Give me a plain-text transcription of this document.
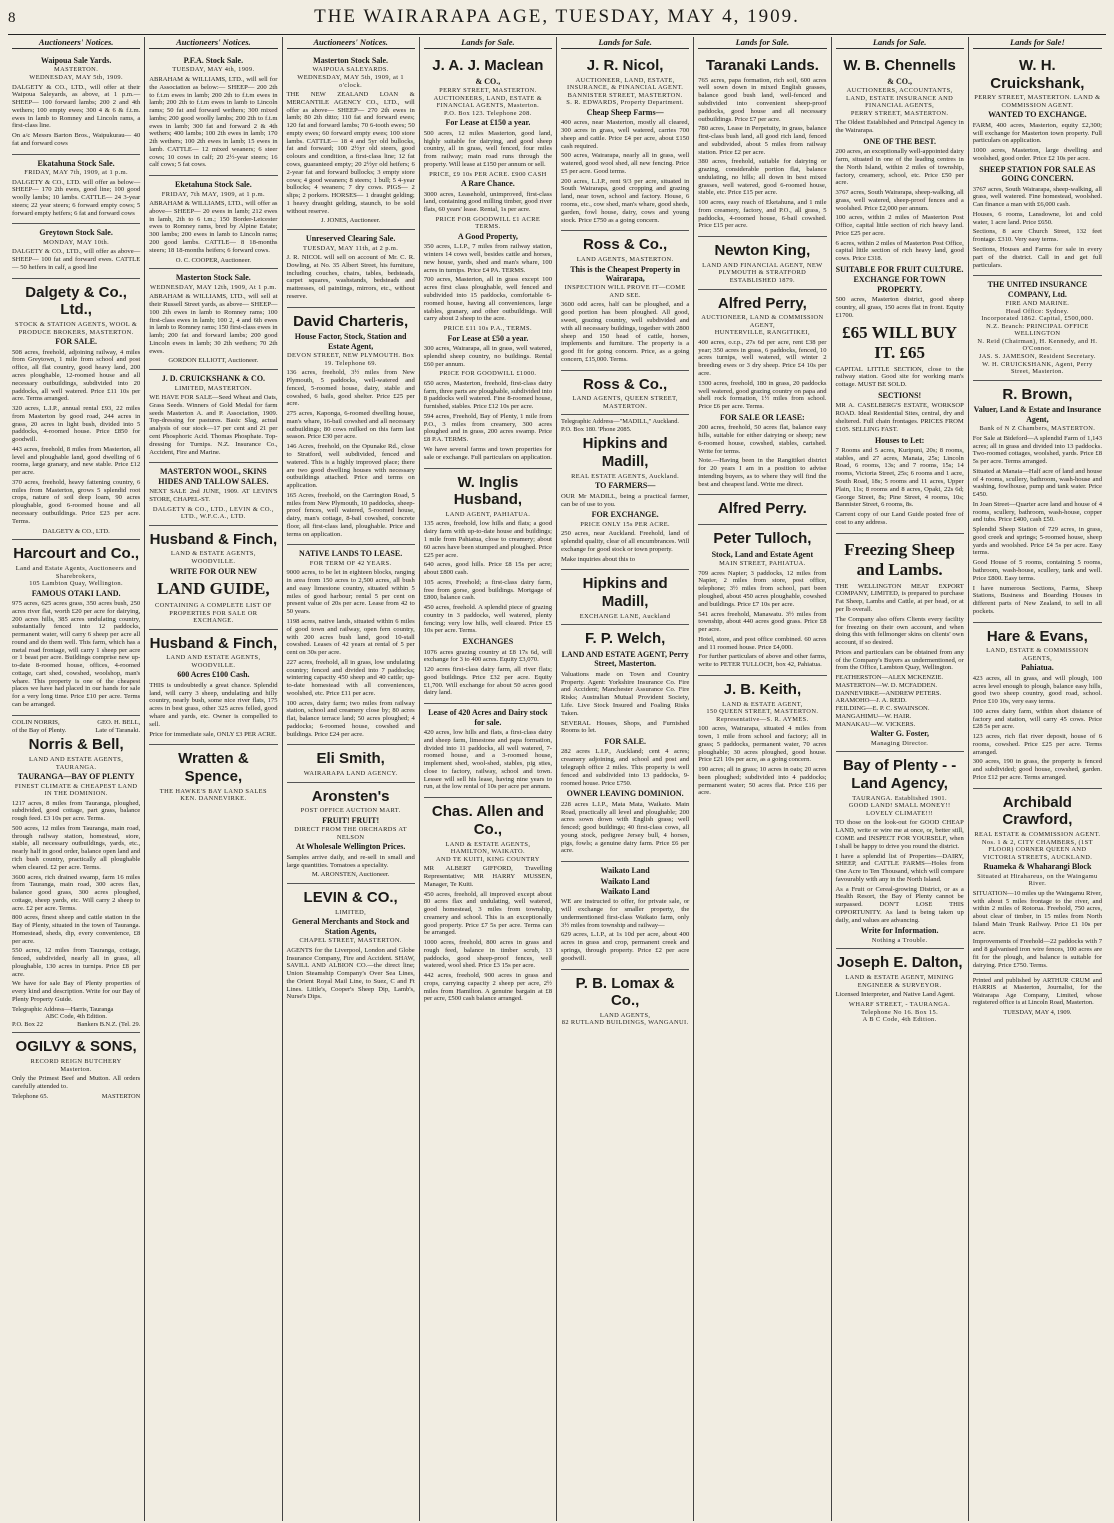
8	THE WAIRARAPA AGE, TUESDAY, MAY 4, 1909.
Auctioneers' Notices.
Waipoua Sale Yards.
MASTERTON.
WEDNESDAY, MAY 5th, 1909.
DALGETY & CO., LTD., will offer at their Waipoua Saleyards, as above, at 1 p.m.— SHEEP— 100 forward lambs; 200 2 and 4th wethers; 100 empty ewes; 300 4 & 6 & f.t.m. ewes in lamb to Romney and Lincoln rams, a first-class line.
On a/c Messrs Barton Bros., Waipukurau— 40 fat and forward cows
Ekatahuna Stock Sale.
FRIDAY, MAY 7th, 1909, at 1 p.m.
DALGETY & CO., LTD. will offer as below— SHEEP— 170 2th ewes, good line; 100 good woolly lambs; 10 lambs. CATTLE— 24 3-year steers; 22 year steers; 6 forward empty cows; 5 forward empty heifers; 6 fat and forward cows
Greytown Stock Sale.
MONDAY, MAY 10th.
DALGETY & CO., LTD., will offer as above— SHEEP— 100 fat and forward ewes. CATTLE— 50 heifers in calf, a good line
Dalgety & Co., Ltd.,
STOCK & STATION AGENTS, WOOL & PRODUCE BROKERS, MASTERTON.
FOR SALE.
508 acres, freehold, adjoining railway, 4 miles from Greytown, 1 mile from school and post office, all flat country, good heavy land, 200 acres ploughable, 12-roomed house and all necessary outbuildings, subdivided into 20 paddocks, all well watered. Price £11 10s per acre. Terms arranged.
320 acres, L.I.P., annual rental £93, 22 miles from Masterton by good road, 244 acres in grass, 20 acres in light bush, divided into 5 paddocks, 4-roomed house. Price £850 for goodwill.
443 acres, freehold, 8 miles from Masterton, all level and ploughable land, good dwelling of 6 rooms, large granary, and new stable. Price £12 per acre.
370 acres, freehold, heavy fattening country, 6 miles from Masterton, grows 5 splendid root crops, nature of soil deep loam, 90 acres ploughable, good 6-roomed house and all necessary outbuildings. Price £23 per acre. Terms.
DALGETY & CO., LTD.
Harcourt and Co.,
Land and Estate Agents, Auctioneers and Sharebrokers,
105 Lambton Quay, Wellington.
FAMOUS OTAKI LAND.
975 acres, 625 acres grass, 350 acres bush, 250 acres river flat, worth £20 per acre for dairying, 200 acres hills, 385 acres undulating country, substantially fenced into 12 paddocks, permanent water, will carry 6 sheep per acre all round and do them well. This farm, which has a metal road frontage, will carry 1 sheep per acre or 1 beast per acre. Buildings comprise new up-to-date 8-roomed house, offices, 4-roomed cottage, cart shed, cowshed, woolshop, man's whare. This property is one of the cheapest places we have had placed in our hands for sale for a very long time. Price £10 per acre. Terms can be arranged.
COLIN NORRIS,	GEO. H. BELL,
of the Bay of Plenty.	Late of Taranaki.
Norris & Bell,
LAND AND ESTATE AGENTS, TAURANGA.
TAURANGA—BAY OF PLENTY
FINEST CLIMATE & CHEAPEST LAND IN THE DOMINION.
1217 acres, 8 miles from Tauranga, ploughed, subdivided, good cottage, part grass, balance rough feed. £3 10s per acre. Terms.
500 acres, 12 miles from Tauranga, main road, through railway station, homestead, store, stable, all necessary outbuildings, yards, etc., nearly half in good order, balance open land and rich bush country, practically all ploughable when cleared. £2 per acre. Terms.
3600 acres, rich drained swamp, farm 16 miles from Tauranga, main road, 300 acres flax, balance good grass, 300 acres ploughed, cottage, sheep yards, etc. Will carry 2 sheep to acre. £2 per acre. Terms.
800 acres, finest sheep and cattle station in the Bay of Plenty, situated in the town of Tauranga. Homestead, sheds, dip, every convenience, £8 per acre.
550 acres, 12 miles from Tauranga, cottage, fenced, subdivided, nearly all in grass, all ploughable, 130 acres in turnips. Price £8 per acre.
We have for sale Bay of Plenty properties of every kind and description. Write for our Bay of Plenty Property Guide.
Telegraphic Address—Harris, Tauranga
ABC Code, 4th Edition.
P.O. Box 22	Bankers B.N.Z. (Tel. 29.
OGILVY & SONS,
RECORD REIGN BUTCHERY
Masterton.
Only the Primest Beef and Mutton. All orders carefully attended to.
Telephone 65.	MASTERTON
Auctioneers' Notices.
P.F.A. Stock Sale.
TUESDAY, MAY 4th, 1909.
ABRAHAM & WILLIAMS, LTD., will sell for the Association as below:— SHEEP— 200 2th to f.t.m ewes in lamb; 200 2th to f.t.m ewes in lamb; 200 2th to f.t.m ewes in lamb to Lincoln rams; 50 fat and forward wethers; 300 mixed lambs; 200 good woolly lambs; 200 2th to f.t.m ewes in lamb; 300 fat and forward 2 & 4th wethers; 400 lambs; 100 2th ewes in lamb; 170 2th wethers; 100 2th ewes in lamb; 15 ewes in lamb. CATTLE— 12 mixed weaners; 6 steer cows; 10 cows in calf; 20 2½-year steers; 16 calf cows; 5 fat cows.
Eketahuna Stock Sale.
FRIDAY, 7th MAY, 1909, at 1 p.m.
ABRAHAM & WILLIAMS, LTD., will offer as above— SHEEP— 20 ewes in lamb; 212 ewes in lamb, 2th to 6 t.m.; 150 Border-Leicester ewes to Romney rams, bred by Alpine Estate; 300 lambs; 200 ewes in lamb to Lincoln rams; 200 good lambs. CATTLE— 8 18-months steers; 18 18-months heifers; 6 forward cows.
O. C. COOPER, Auctioneer.
Masterton Stock Sale.
WEDNESDAY, MAY 12th, 1909, At 1 p.m.
ABRAHAM & WILLIAMS, LTD., will sell at their Russell Street yards, as above— SHEEP— 100 2th ewes in lamb to Romney rams; 100 first-class ewes in lamb; 100 2, 4 and 6th ewes in lamb to Romney rams; 150 first-class ewes in lamb; 200 fat and forward lambs; 200 good Lincoln ewes in lamb; 30 2th wethers; 70 2th ewes.
GORDON ELLIOTT, Auctioneer.
J. D. CRUICKSHANK & CO.
LIMITED, MASTERTON.
WE HAVE FOR SALE—Seed Wheat and Oats, Grass Seeds. Winners of Gold Medal for farm seeds Masterton A. and P. Association, 1909. Top-dressing for pastures. Basic Slag, actual analysis of our stock—17 per cent and 21 per cent Phosphoric Acid. Thomas Phosphate. Top-dressing for Turnips. N.Z. Insurance Co., Accident, Fire and Marine.
MASTERTON WOOL, SKINS HIDES AND TALLOW SALES.
NEXT SALE 2nd JUNE, 1909. AT LEVIN'S STORE, CHAPEL-ST.
DALGETY & CO., LTD., LEVIN & CO., LTD., W.F.C.A., LTD.
Husband & Finch,
LAND & ESTATE AGENTS, WOODVILLE.
WRITE FOR OUR NEW
LAND GUIDE,
CONTAINING A COMPLETE LIST OF PROPERTIES FOR SALE OR EXCHANGE.
Husband & Finch,
LAND AND ESTATE AGENTS, WOODVILLE.
600 Acres £100 Cash.
THIS is undoubtedly a great chance. Splendid land, will carry 3 sheep, undulating and hilly country, nearly bush, some nice river flats, 175 acres in best grass, other 325 acres felled, good whare and yards, etc. Owner is compelled to sell.
Price for immediate sale, ONLY £3 PER ACRE.
Wratten & Spence,
THE HAWKE'S BAY LAND SALES
KEN. DANNEVIRKE.
Auctioneers' Notices.
Masterton Stock Sale.
WAIPOUA SALEYARDS.
WEDNESDAY, MAY 5th, 1909, at 1 o'clock.
THE NEW ZEALAND LOAN & MERCANTILE AGENCY CO., LTD., will offer as above— SHEEP— 270 2th ewes in lamb; 80 2th ditto; 110 fat and forward ewes; 120 fat and forward lambs; 70 6-tooth ewes; 50 empty ewes; 60 forward empty ewes; 100 store lambs. CATTLE— 18 4 and 5yr old bullocks, fat and forward; 100 2½yr old steers, good colours and condition, a first-class line; 12 fat cows, guaranteed empty; 20 2½yr old heifers; 6 2-year fat and forward bullocks; 3 empty store cows; 4 good weaners; 8 steers; 1 bull; 5 4-year bullocks; 4 weaners; 7 dry cows. PIGS— 2 slips; 2 porkers. HORSES— 1 draught gelding; 1 heavy draught gelding, staunch, to be sold without reserve.
J. JONES, Auctioneer.
Unreserved Clearing Sale.
TUESDAY, MAY 11th, at 2 p.m.
J. R. NICOL will sell on account of Mr. C. R. Dowling, at No. 35 Albert Street, his furniture, including couches, chairs, tables, bedsteads, carpet squares, washstands, bedsteads and mattresses, oil paintings, mirrors, etc., without reserve.
David Charteris,
House Factor, Stock, Station and Estate Agent,
DEVON STREET, NEW PLYMOUTH. Box 19. Telephone 69.
136 acres, freehold, 3½ miles from New Plymouth, 5 paddocks, well-watered and fenced, 5-roomed house, dairy, stable and cowshed, 6 bails, good shelter. Price £25 per acre.
275 acres, Kaponga, 6-roomed dwelling house, man's whare, 16-bail cowshed and all necessary outbuildings; 80 cows milked on this farm last season. Price £30 per acre.
146 Acres, freehold, on the Opunake Rd., close to Stratford, well subdivided, fenced and watered. This is a highly improved place; there are two good dwelling houses with necessary outbuildings attached. Price and terms on application.
165 Acres, freehold, on the Carrington Road, 5 miles from New Plymouth, 10 paddocks, sheep-proof fences, well watered, 5-roomed house, dairy, man's cottage, 8-bail cowshed, concrete floor, all first-class land, ploughable. Price and terms on application.
NATIVE LANDS TO LEASE.
FOR TERM OF 42 YEARS.
9000 acres, to be let in eighteen blocks, ranging in area from 150 acres to 2,500 acres, all bush and easy limestone country, situated within 5 miles of good harbour; rental 5 per cent on present value of 20s per acre. Lease from 42 to 50 years.
1198 acres, native lands, situated within 6 miles of good town and railway, open fern country, with 200 acres bush land, good 10-stall cowshed. Leases of 42 years at rental of 5 per cent on 30s per acre.
227 acres, freehold, all in grass, low undulating country; fenced and divided into 7 paddocks; wintering capacity 450 sheep and 40 cattle; up-to-date homestead with all conveniences, woolshed, etc. Price £11 per acre.
100 acres, dairy farm; two miles from railway station, school and creamery close by; 80 acres flat, balance terrace land; 50 acres ploughed; 4 paddocks; 6-roomed house, cowshed and buildings. Price £24 per acre.
Eli Smith,
WAIRARAPA LAND AGENCY.
Aronsten's
POST OFFICE AUCTION MART.
FRUIT! FRUIT!
DIRECT FROM THE ORCHARDS AT NELSON
At Wholesale Wellington Prices.
Samples arrive daily, and re-sell in small and large quantities. Tomatoes a speciality.
M. ARONSTEN, Auctioneer.
LEVIN & CO.,
LIMITED,
General Merchants and Stock and Station Agents,
CHAPEL STREET, MASTERTON.
AGENTS for the Liverpool, London and Globe Insurance Company, Fire and Accident. SHAW, SAVILL AND ALBION CO.—the direct line; Union Steamship Company's Over Sea Lines, the Orient Royal Mail Line, to Suez, C and Ft Lines. Little's, Cooper's Sheep Dip, Lamb's, Nurse's Dips.
Lands for Sale.
J. A. J. Maclean
& CO.,
PERRY STREET, MASTERTON. AUCTIONEERS, LAND, ESTATE & FINANCIAL AGENTS, Masterton.
P.O. Box 123. Telephone 208.
For Lease at £150 a year.
500 acres, 12 miles Masterton, good land, highly suitable for dairying, and good sheep country, all in grass, well fenced, four miles from railway; main road runs through the property. Will lease at £150 per annum or sell.
PRICE, £9 10s PER ACRE. £900 CASH
A Rare Chance.
3000 acres, Leasehold, unimproved, first-class land, containing good milling timber, good river flats, 60 years' lease. Rental, 1s per acre.
PRICE FOR GOODWILL £1 ACRE
TERMS.
A Good Property,
350 acres, L.I.P., 7 miles from railway station, winters 14 cows well, besides cattle and horses, new house, yards, shed and man's whare, 100 acres in turnips. Price £4 PA. TERMS.
700 acres, Masterton, all in grass except 100 acres first class ploughable, well fenced and subdivided into 15 paddocks, comfortable 6-roomed house, having all conveniences, large stables, granary, and other outbuildings. Will carry about 2 sheep to the acre.
PRICE £11 10s P.A., TERMS.
For Lease at £50 a year.
300 acres, Wairarapa, all in grass, well watered, splendid sheep country, no buildings. Rental £60 per annum.
PRICE FOR GOODWILL £1000.
650 acres, Masterton, freehold, first-class dairy farm, three parts are ploughable, subdivided into 8 paddocks well watered. Fine 8-roomed house, furnished, stables. Price £12 10s per acre.
594 acres, Freehold, Bay of Plenty, 1 mile from P.O., 3 miles from creamery, 300 acres ploughed and in grass, 200 acres swamp. Price £8 P.A. TERMS.
We have several farms and town properties for sale or exchange. Full particulars on application.
W. Inglis Husband,
LAND AGENT, PAHIATUA.
135 acres, freehold, low hills and flats; a good dairy farm with up-to-date house and buildings; 1 mile from Pahiatua, close to creamery; about 60 acres have been stumped and ploughed. Price £25 per acre.
640 acres, good hills. Price £8 15s per acre; about £800 cash.
105 acres, Freehold; a first-class dairy farm, free from gorse, good buildings. Mortgage of £800, balance cash.
450 acres, freehold. A splendid piece of grazing country in 3 paddocks, well watered, plenty fencing; very low hills, well cleared. Price £5 10s per acre. Terms.
EXCHANGES
1076 acres grazing country at £8 17s 6d, will exchange for 3 to 400 acres. Equity £3,070.
120 acres first-class dairy farm, all river flats; good buildings. Price £32 per acre. Equity £1,700. Will exchange for about 50 acres good dairy land.
Lease of 420 Acres and Dairy stock for sale.
420 acres, low hills and flats, a first-class dairy and sheep farm, limestone and papa formation, divided into 11 paddocks, all well watered, 7-roomed house, and a 3-roomed house, implement shed, wool-shed, stables, pig sties, close to factory, railway, school and town. Lessee will sell his lease, having nine years to run, at the low rental of 10s per acre per annum.
Chas. Allen and Co.,
LAND & ESTATE AGENTS,
HAMILTON, WAIKATO.
AND TE KUITI, KING COUNTRY
MR ALBERT GIFFORD, Travelling Representative; MR HARRY MUSSEN, Manager, Te Kuiti.
450 acres, freehold, all improved except about 80 acres flax and undulating, well watered, good homestead, 3 miles from township, creamery and school. This is an exceptionally good property. Price £7 5s per acre. Terms can be arranged.
1000 acres, freehold, 800 acres in grass and rough feed, balance in timber scrub, 13 paddocks, good sheep-proof fences, well watered, wool shed. Price £3 15s per acre.
442 acres, freehold, 900 acres in grass and crops, carrying capacity 2 sheep per acre, 2½ miles from Hamilton. A genuine bargain at £8 per acre, £500 cash balance arranged.
Lands for Sale.
J. R. Nicol,
AUCTIONEER, LAND, ESTATE, INSURANCE, & FINANCIAL AGENT.
BANNISTER STREET, MASTERTON.
S. R. EDWARDS, Property Department.
Cheap Sheep Farms—
400 acres, near Masterton, mostly all cleared, 300 acres in grass, well watered, carries 700 sheep and cattle. Price £4 per acre, about £150 cash required.
500 acres, Wairarapa, nearly all in grass, well watered, good wool shed, all new fencing. Price £5 per acre. Good terms.
200 acres, L.I.P., rent 9/3 per acre, situated in South Wairarapa, good cropping and grazing land, near town, school and factory. House, 6 rooms, etc., cow shed, man's whare, good sheds, garden, fowl house, dairy, cows and young stock. Price £750 as a going concern.
Ross & Co.,
LAND AGENTS, MASTERTON.
This is the Cheapest Property in Wairarapa,
INSPECTION WILL PROVE IT—COME AND SEE.
3600 odd acres, half can be ploughed, and a good portion has been ploughed. All good, sweet, grazing country, well subdivided and with all necessary buildings, together with 2800 sheep and 150 head of cattle, horses, implements and furniture. The property is a good fit for going concern. Price, as a going concern, £15,000. Terms.
Ross & Co.,
LAND AGENTS, QUEEN STREET, MASTERTON.
Telegraphic Address—"MADILL," Auckland.
P.O. Box 180. 'Phone 2085.
Hipkins and Madill,
REAL ESTATE AGENTS, Auckland.
TO FARMERS—
OUR Mr MADILL, being a practical farmer, can be of use to you.
FOR EXCHANGE.
PRICE ONLY 15s PER ACRE.
250 acres, near Auckland. Freehold, land of splendid quality, clear of all encumbrances. Will exchange for good stock or town property.
Make inquiries about this to
Hipkins and Madill,
EXCHANGE LANE, Auckland
F. P. Welch,
LAND AND ESTATE AGENT, Perry Street, Masterton.
Valuations made on Town and Country Property. Agent: Yorkshire Insurance Co. Fire and Accident; Manchester Assurance Co. Fire Risks; Australian Mutual Provident Society, Life. Live Stock Insured and Foaling Risks Taken.
SEVERAL Houses, Shops, and Furnished Rooms to let.
FOR SALE.
282 acres L.I.P., Auckland; cent 4 acres; creamery adjoining, and school and post and telegraph office 2 miles. This property is well fenced and subdivided into 13 paddocks, 9-roomed house. Price £750.
OWNER LEAVING DOMINION.
228 acres L.I.P., Mata Mata, Waikato. Main Road, practically all level and ploughable; 200 acres sown down with English grass; well fenced; good buildings; 40 first-class cows, all young stock, pedigree Jersey bull, 4 horses, pigs, fowls; a genuine dairy farm. Price £6 per acre.
Waikato Land
Waikato Land
Waikato Land
WE are instructed to offer, for private sale, or will exchange for smaller property, the undermentioned first-class Waikato farm, only 3½ miles from township and railway—
629 acres, L.I.P., at 1s 10d per acre, about 400 acres in grass and crop, permanent creek and springs, through property. Price £2 per acre goodwill.
P. B. Lomax & Co.,
LAND AGENTS,
82 RUTLAND BUILDINGS, WANGANUI.
Lands for Sale.
Taranaki Lands.
765 acres, papa formation, rich soil, 600 acres well sown down in mixed English grasses, balance good bush land, well-fenced and subdivided into convenient sheep-proof paddocks, good house and all necessary outbuildings. Price £7 per acre.
780 acres, Lease in Perpetuity, in grass, balance first-class bush land, all good rich land, fenced and subdivided, about 5 miles from railway station. Price £2 per acre.
380 acres, freehold, suitable for dairying or grazing, considerable portion flat, balance undulating, no hills; all down in best mixed grasses, well watered, good 6-roomed house, stable, etc. Price £15 per acre.
100 acres, easy reach of Eketahuna, and 1 mile from creamery, factory, and P.O., all grass, 5 paddocks, 4-roomed house, 6-bail cowshed. Price £15 per acre.
Newton King,
LAND AND FINANCIAL AGENT, NEW PLYMOUTH & STRATFORD
ESTABLISHED 1879.
Alfred Perry,
AUCTIONEER, LAND & COMMISSION AGENT,
HUNTERVILLE, RANGITIKEI,
400 acres, o.r.p., 27s 6d per acre, rent £38 per year; 350 acres in grass, 6 paddocks, fenced, 10 acres turnips, well watered, will winter 2 breeding ewes or 3 dry sheep. Price £4 10s per acre.
1300 acres, freehold, 180 in grass, 20 paddocks well watered, good grazing country on papa and shell rock formation, 1½ miles from school. Price £6 per acre. Terms.
FOR SALE OR LEASE:
200 acres, freehold, 50 acres flat, balance easy hills, suitable for either dairying or sheep; new 6-roomed house, cowshed, stables, cartshed. Write for terms.
Note.—Having been in the Rangitikei district for 20 years I am in a position to advise intending buyers, as to where they will find the best and cheapest land. Write me direct.
Alfred Perry.
Peter Tulloch,
Stock, Land and Estate Agent
MAIN STREET, PAHIATUA.
709 acres Napier; 3 paddocks, 12 miles from Napier, 2 miles from store, post office, telephone; 3½ miles from school, part been ploughed, about 450 acres ploughable, cowshed and buildings. Price £7 10s per acre.
541 acres freehold, Manawatu. 3½ miles from township, about 440 acres good grass. Price £8 per acre.
Hotel, store, and post office combined. 60 acres and 11 roomed house. Price £4,000.
For further particulars of above and other farms, write to PETER TULLOCH, box 42, Pahiatua.
J. B. Keith,
LAND & ESTATE AGENT,
150 QUEEN STREET, MASTERTON.
Representative—S. R. AYMES.
100 acres, Wairarapa, situated 4 miles from town, 1 mile from school and factory; all in grass; 5 paddocks, permanent water, 70 acres ploughable; 30 acres ploughed, good house. Price £21 10s per acre, as a going concern.
190 acres; all in grass; 10 acres in oats; 20 acres been ploughed; subdivided into 4 paddocks; permanent water; 50 acres flat. Price £16 per acre.
Lands for Sale.
W. B. Chennells
& CO.,
AUCTIONEERS, ACCOUNTANTS, LAND, ESTATE INSURANCE AND FINANCIAL AGENTS,
PERRY STREET, MASTERTON.
The Oldest Established and Principal Agency in the Wairarapa.
ONE OF THE BEST.
200 acres, an exceptionally well-appointed dairy farm, situated in one of the leading centres in the North Island, within 2 miles of township, factory, creamery, school, etc. Price £50 per acre.
3767 acres, South Wairarapa, sheep-walking, all grass, well watered, sheep-proof fences and a woolshed. Price £2,000 per annum.
100 acres, within 2 miles of Masterton Post Office, capital little section of rich heavy land. Price £25 per acre.
6 acres, within 2 miles of Masterton Post Office, capital little section of rich heavy land, good cows. Price £318.
SUITABLE FOR FRUIT CULTURE.
EXCHANGE FOR TOWN PROPERTY.
500 acres, Masterton district, good sheep country, all grass, 150 acres flat in front. Equity £1700.
£65 WILL BUY IT. £65
CAPITAL LITTLE SECTION, close to the railway station. Good site for working man's cottage. MUST BE SOLD.
SECTIONS!
MR A. CASELBERG'S ESTATE, WORKSOP ROAD. Ideal Residential Sites, central, dry and sheltered. Full chain frontages. PRICES FROM £105. SELLING FAST.
Houses to Let:
7 Rooms and 5 acres, Kuripuni, 20s; 8 rooms, stables, and 27 acres, Manaia, 25s; Lincoln Road, 6 rooms, 13s; and 7 rooms, 15s; 14 rooms, Victoria Street, 25s; 6 rooms and 1 acre, South Road, 18s; 5 rooms and 11 acres, Upper Plain, 11s; 8 rooms and 8 acres, Opaki, 22s 6d; George Street, 8s; Pine Street, 4 rooms, 10s; Bannister Street, 6 rooms, 8s.
Carrent copy of our Land Guide posted free of cost to any address.
Freezing Sheep and Lambs.
THE WELLINGTON MEAT EXPORT COMPANY, LIMITED, is prepared to purchase Fat Sheep, Lambs and Cattle, at per head, or at per lb overall.
The Company also offers Clients every facility for freezing on their own account, and when doing this with fellmonger skins on clients' own account, if so desired.
Prices and particulars can be obtained from any of the Company's Buyers as undermentioned, or from the Office, Lambton Quay, Wellington.
FEATHERSTON—ALEX MCKENZIE.
MASTERTON—W. D. MCFADDEN.
DANNEVIRKE—ANDREW PETERS.
ARAMOHO—J. A. REID.
FEILDING—E. P. C. SWAINSON.
MANGAHIMU—W. HAIR.
MANAKAU—W. VICKERS.
Walter G. Foster,
Managing Director.
Bay of Plenty - - Land Agency,
TAURANGA. Established 1901.
GOOD LAND! SMALL MONEY!! LOVELY CLIMATE!!!
TO those on the look-out for GOOD CHEAP LAND, write or wire me at once, or, better still, COME and INSPECT FOR YOURSELF, when I shall be happy to drive you round the district.
I have a splendid list of Properties—DAIRY, SHEEP, and CATTLE FARMS—Holes from One Acre to Ten Thousand, which will compare favourably with any in the North Island.
As a Fruit or Cereal-growing District, or as a Health Resort, the Bay of Plenty cannot be surpassed. DON'T LOSE THIS OPPORTUNITY. As land is being taken up daily, and values are advancing.
Write for Information.
Nothing a Trouble.
Joseph E. Dalton,
LAND & ESTATE AGENT, MINING ENGINEER & SURVEYOR.
Licensed Interpreter, and Native Land Agent.
WHARF STREET, - TAURANGA.
Telephone No 16. Box 15.
A B C Code, 4th Edition.
Lands for Sale!
W. H. Cruickshank,
PERRY STREET, MASTERTON. LAND & COMMISSION AGENT.
WANTED TO EXCHANGE.
FARM, 400 acres, Masterton, equity £2,300; will exchange for Masterton town property. Full particulars on application.
1000 acres, Masterton, large dwelling and woolshed, good order. Price £2 10s per acre.
SHEEP STATION FOR SALE AS GOING CONCERN.
3767 acres, South Wairarapa, sheep-walking, all grass, well watered. Fine homestead, woolshed. Can finance a man with £6,000 cash.
Houses, 6 rooms, Lansdowne, lot and cold water, 1 acre land. Price £650.
Sections, 8 acre Church Street, 132 feet frontage. £310. Very easy terms.
Sections, Houses and Farms for sale in every part of the district. Call in and get full particulars.
THE UNITED INSURANCE COMPANY, Ltd.
FIRE AND MARINE.
Head Office: Sydney.
Incorporated 1862. Capital, £500,000.
N.Z. Branch: PRINCIPAL OFFICE WELLINGTON
N. Reid (Chairman), H. Kennedy, and H. O'Connor.
JAS. S. JAMESON, Resident Secretary.
W. H. CRUICKSHANK, Agent, Perry Street, Masterton.
R. Brown,
Valuer, Land & Estate and Insurance Agent,
Bank of N Z Chambers, MASTERTON.
For Sale at Bideford—A splendid Farm of 1,143 acres; all in grass and divided into 13 paddocks. Two-roomed cottages, woolshed, yards. Price £8 5s per acre. Terms arranged.
Situated at Manaia—Half acre of land and house of 4 rooms, scullery, bathroom, wash-house and washing, fowlhouse, pump and tank water. Price £450.
In Joan Street—Quarter acre land and house of 4 rooms, scullery, bathroom, wash-house, copper and tubs. Price £400, cash £50.
Splendid Sheep Station of 729 acres, in grass, good creek and springs; 5-roomed house, sheep yards and woolshed. Price £4 5s per acre. Easy terms.
Good House of 5 rooms, containing 5 rooms, bathroom, wash-house, scullery, tank and well. Price £800. Easy terms.
I have numerous Sections, Farms, Sheep Stations, Business and Boarding Houses in different parts of New Zealand, to sell in all pockets.
Hare & Evans,
LAND, ESTATE & COMMISSION AGENTS,
Pahiatua.
423 acres, all in grass, and will plough, 100 acres level enough to plough, balance easy hills, good two sheep country, good road, school. Price £10 10s, very easy terms.
100 acres dairy farm, within short distance of factory and station, will carry 45 cows. Price £28 5s per acre.
123 acres, rich flat river deposit, house of 6 rooms, cowshed. Price £25 per acre. Terms arranged.
300 acres, 190 in grass, the property is fenced and subdivided; good house, cowshed, garden. Price £12 per acre. Terms arranged.
Archibald Crawford,
REAL ESTATE & COMMISSION AGENT.
Nos. 1 & 2, CITY CHAMBERS, (1ST FLOOR) CORNER QUEEN AND VICTORIA STREETS, AUCKLAND.
Ruameka & Whaharangi Block
Situated at Hirahareus, on the Waingamu River.
SITUATION—10 miles up the Waingamu River, with about 5 miles frontage to the river, and within 2 miles of Rotorua. Freehold, 750 acres, about clear of timber, in 15 miles from North Island Main Trunk Railway. Price £1 10s per acre.
Improvements of Freehold—22 paddocks with 7 and 8 galvanised iron wire fences, 100 acres are fit for the plough, and balance is suitable for dairying. Price £750. Terms.
Printed and published by ARTHUR CRUM and HARRIS at Masterton, Journalist, for the Wairarapa Age Company, Limited, whose registered office is at Lincoln Road, Masterton.
TUESDAY, MAY 4, 1909.
